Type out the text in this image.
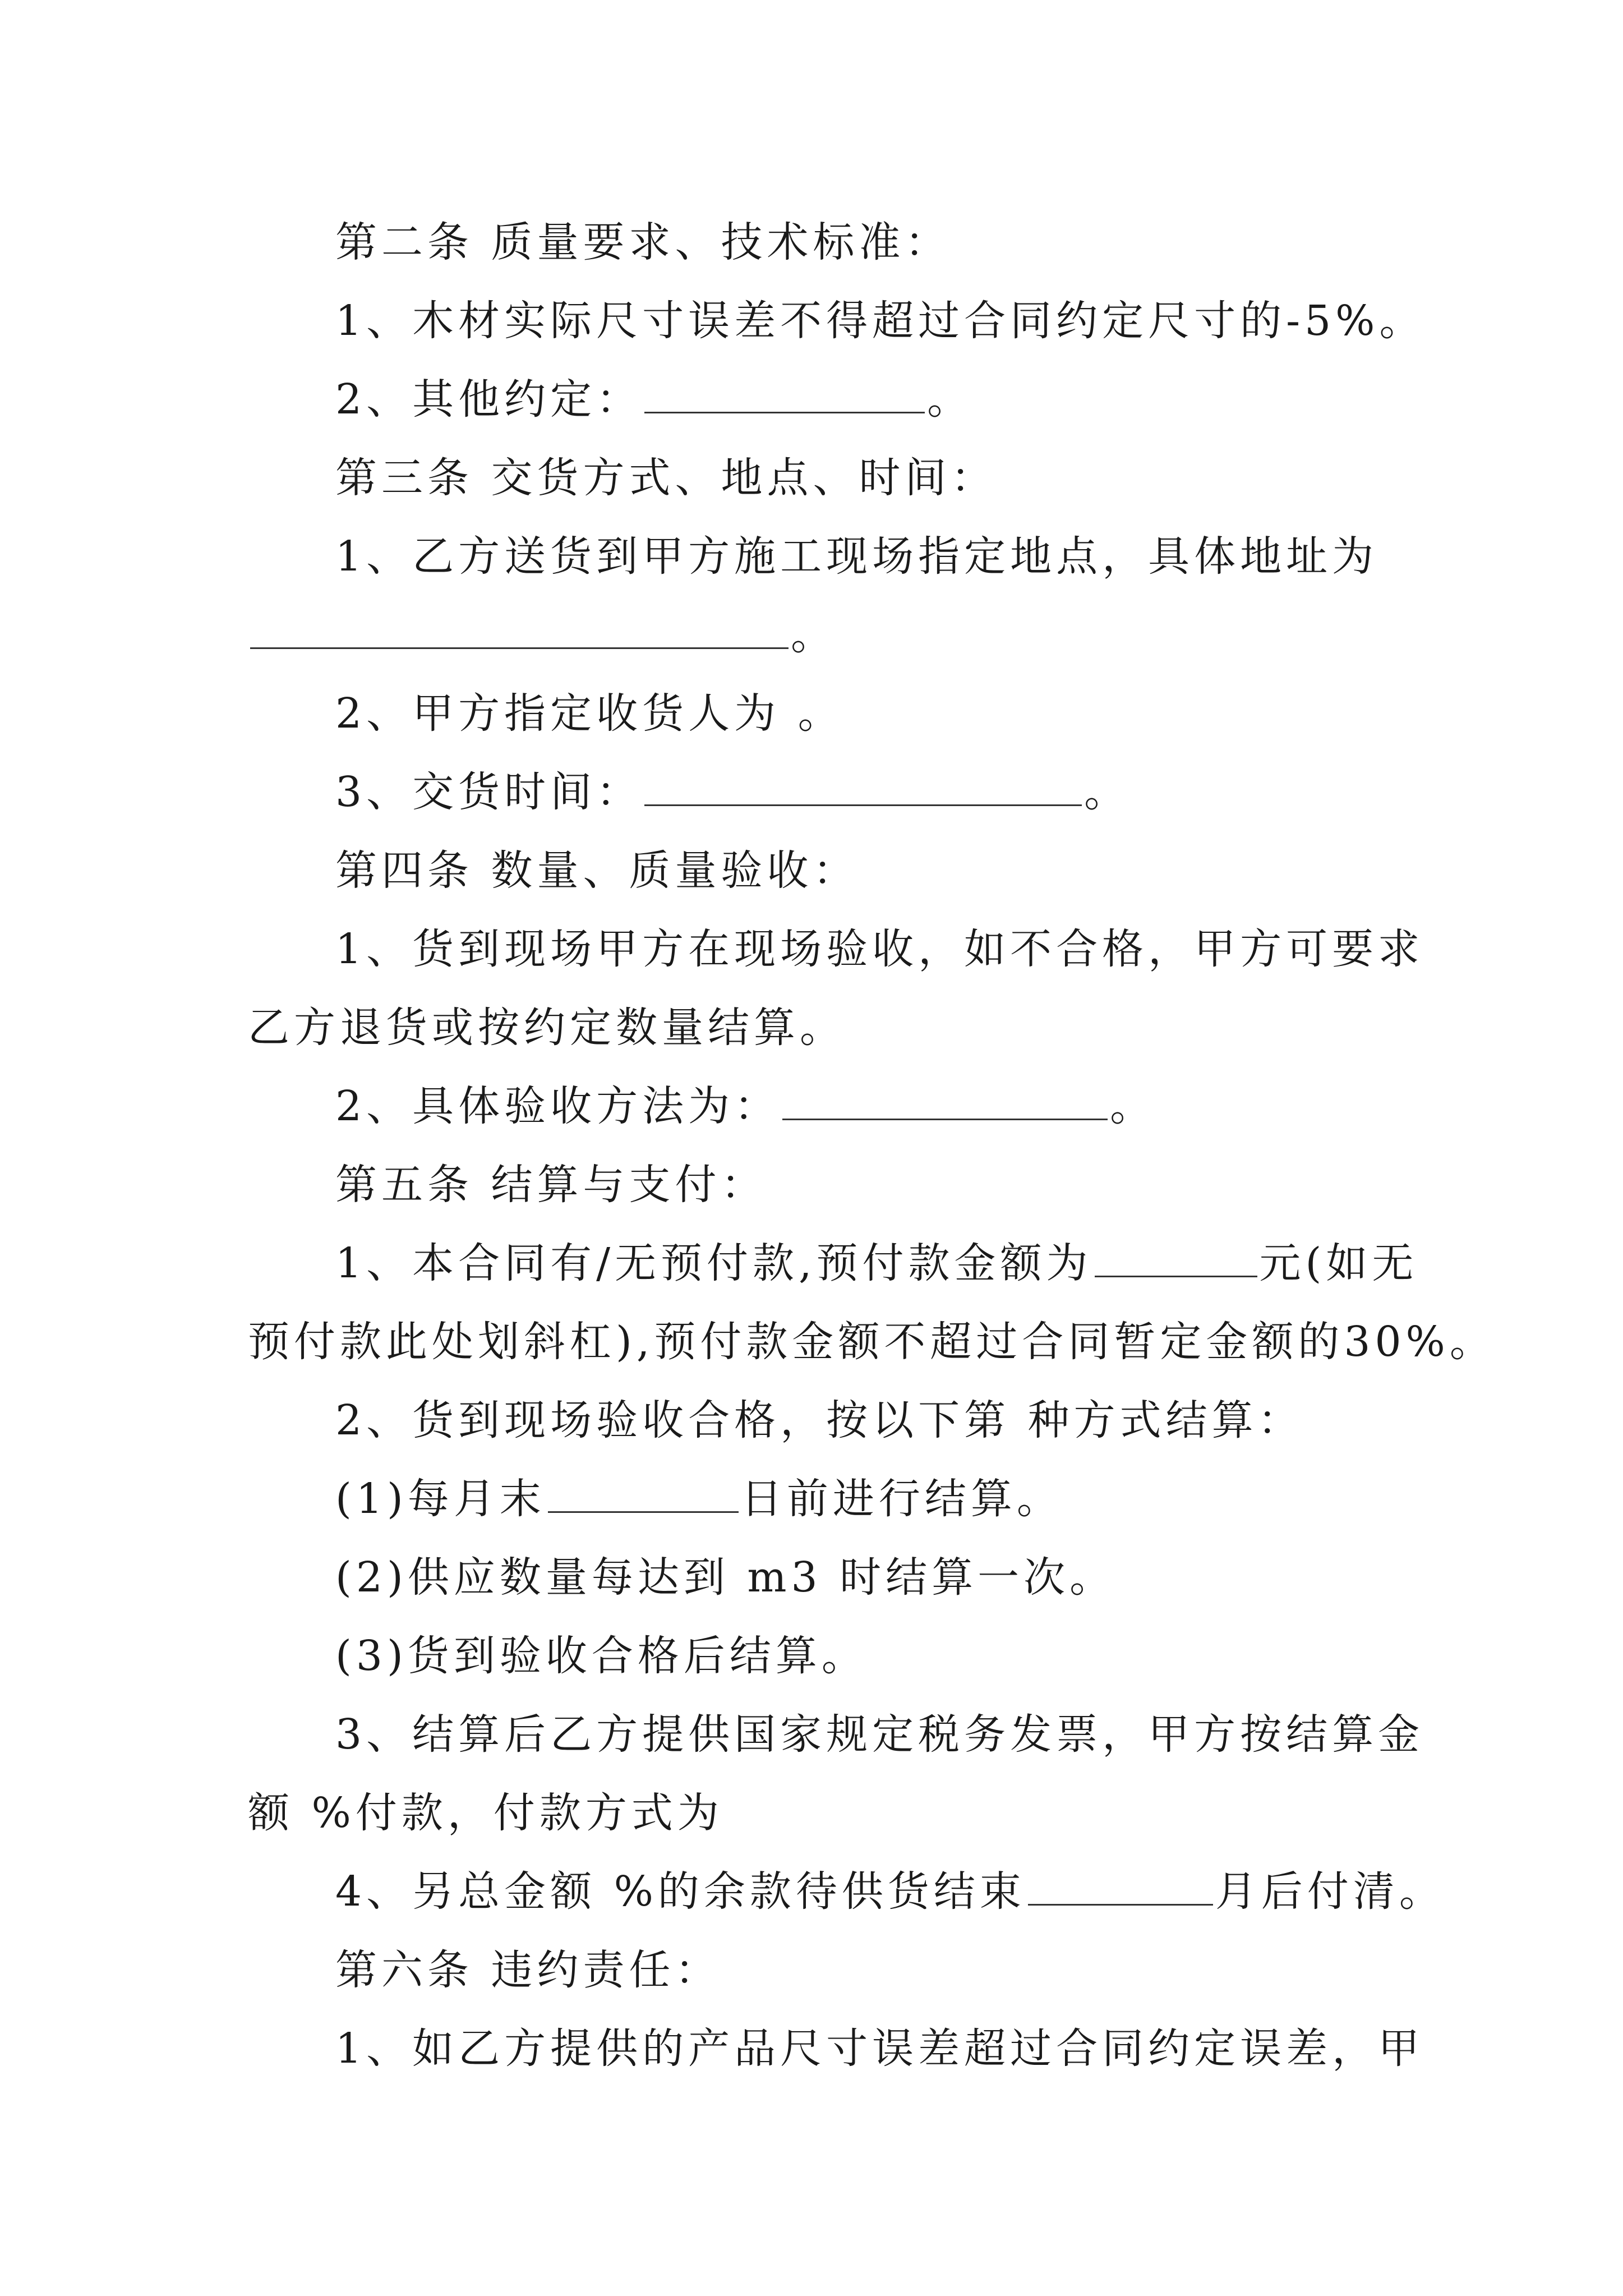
第二条 质量要求、技术标准：
1、木材实际尺寸误差不得超过合同约定尺寸的-5%。
2、其他约定：	。
第三条 交货方式、地点、时间：
1、乙方送货到甲方施工现场指定地点，具体地址为
。
2、甲方指定收货人为 。
3、交货时间：	。
第四条 数量、质量验收：
1、货到现场甲方在现场验收，如不合格，甲方可要求
乙方退货或按约定数量结算。
2、具体验收方法为：	。
第五条 结算与支付：
1、本合同有/无预付款,预付款金额为	元(如无
预付款此处划斜杠),预付款金额不超过合同暂定金额的30%。
2、货到现场验收合格，按以下第 种方式结算：
(1)每月末	日前进行结算。
(2)供应数量每达到 m3 时结算一次。
(3)货到验收合格后结算。
3、结算后乙方提供国家规定税务发票，甲方按结算金
额 %付款，付款方式为
4、另总金额 %的余款待供货结束	月后付清。
第六条 违约责任：
1、如乙方提供的产品尺寸误差超过合同约定误差，甲
